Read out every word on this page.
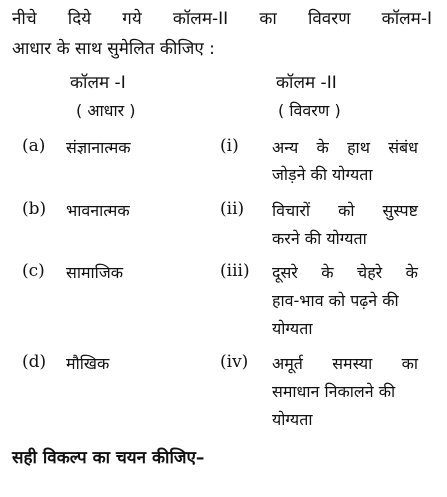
नीचे दिये गये कॉलम-II का विवरण कॉलम-I
आधार के साथ सुमेलित कीजिए :
कॉलम -I
( आधार )
कॉलम -II
( विवरण )
(a) संज्ञानात्मक	(i) अन्य के हाथ संबंध
जोड़ने की योग्यता
(b) भावनात्मक	(ii) विचारों को सुस्पष्ट
करने की योग्यता
(c) सामाजिक	(iii) दूसरे के चेहरे के
हाव-भाव को पढ़ने की
योग्यता
(d) मौखिक	(iv) अमूर्त समस्या का
समाधान निकालने की
योग्यता
सही विकल्प का चयन कीजिए–
